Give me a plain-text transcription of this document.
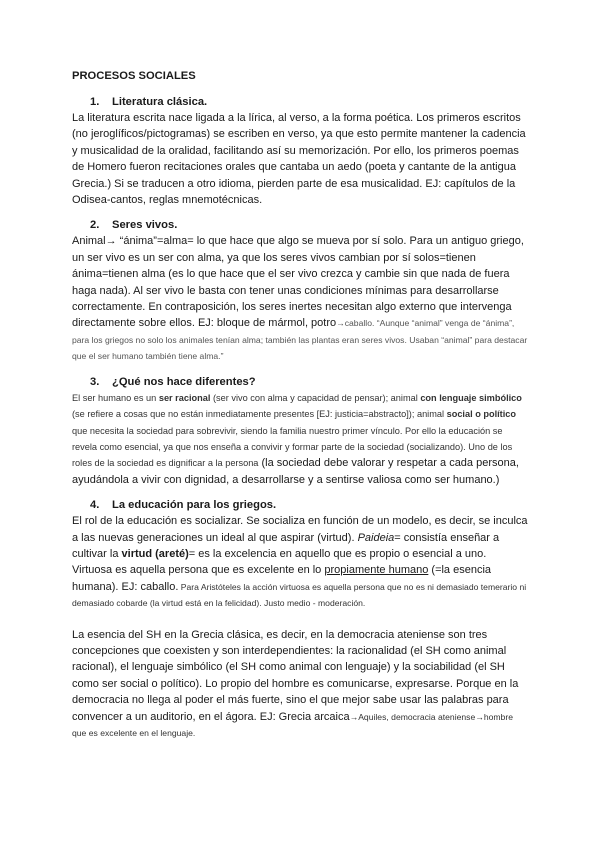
PROCESOS SOCIALES
1. Literatura clásica.

La literatura escrita nace ligada a la lírica, al verso, a la forma poética. Los primeros escritos (no jeroglíficos/pictogramas) se escriben en verso, ya que esto permite mantener la cadencia y musicalidad de la oralidad, facilitando así su memorización. Por ello, los primeros poemas de Homero fueron recitaciones orales que cantaba un aedo (poeta y cantante de la antigua Grecia.) Si se traducen a otro idioma, pierden parte de esa musicalidad. EJ: capítulos de la Odisea-cantos, reglas mnemotécnicas.

2. Seres vivos.

Animal→ “ánima”=alma= lo que hace que algo se mueva por sí solo. Para un antiguo griego, un ser vivo es un ser con alma, ya que los seres vivos cambian por sí solos=tienen ánima=tienen alma (es lo que hace que el ser vivo crezca y cambie sin que nada de fuera haga nada). Al ser vivo le basta con tener unas condiciones mínimas para desarrollarse correctamente. En contraposición, los seres inertes necesitan algo externo que intervenga directamente sobre ellos. EJ: bloque de mármol, potro→caballo. “Aunque “animal” venga de “ánima”, para los griegos no solo los animales tenían alma; también las plantas eran seres vivos. Usaban “animal” para destacar que el ser humano también tiene alma.”

3. ¿Qué nos hace diferentes?

El ser humano es un ser racional (ser vivo con alma y capacidad de pensar); animal con lenguaje simbólico (se refiere a cosas que no están inmediatamente presentes [EJ: justicia=abstracto]); animal social o político que necesita la sociedad para sobrevivir, siendo la familia nuestro primer vínculo. Por ello la educación se revela como esencial, ya que nos enseña a convivir y formar parte de la sociedad (socializando). Uno de los roles de la sociedad es dignificar a la persona (la sociedad debe valorar y respetar a cada persona, ayudándola a vivir con dignidad, a desarrollarse y a sentirse valiosa como ser humano.)

4. La educación para los griegos.

El rol de la educación es socializar. Se socializa en función de un modelo, es decir, se inculca a las nuevas generaciones un ideal al que aspirar (virtud). Paideia= consistía enseñar a cultivar la virtud (areté)= es la excelencia en aquello que es propio o esencial a uno. Virtuosa es aquella persona que es excelente en lo propiamente humano (=la esencia humana). EJ: caballo. Para Aristóteles la acción virtuosa es aquella persona que no es ni demasiado temerario ni demasiado cobarde (la virtud está en la felicidad). Justo medio - moderación.

La esencia del SH en la Grecia clásica, es decir, en la democracia ateniense son tres concepciones que coexisten y son interdependientes: la racionalidad (el SH como animal racional), el lenguaje simbólico (el SH como animal con lenguaje) y la sociabilidad (el SH como ser social o político). Lo propio del hombre es comunicarse, expresarse. Porque en la democracia no llega al poder el más fuerte, sino el que mejor sabe usar las palabras para convencer a un auditorio, en el ágora. EJ: Grecia arcaica→Aquiles, democracia ateniense→hombre que es excelente en el lenguaje.
